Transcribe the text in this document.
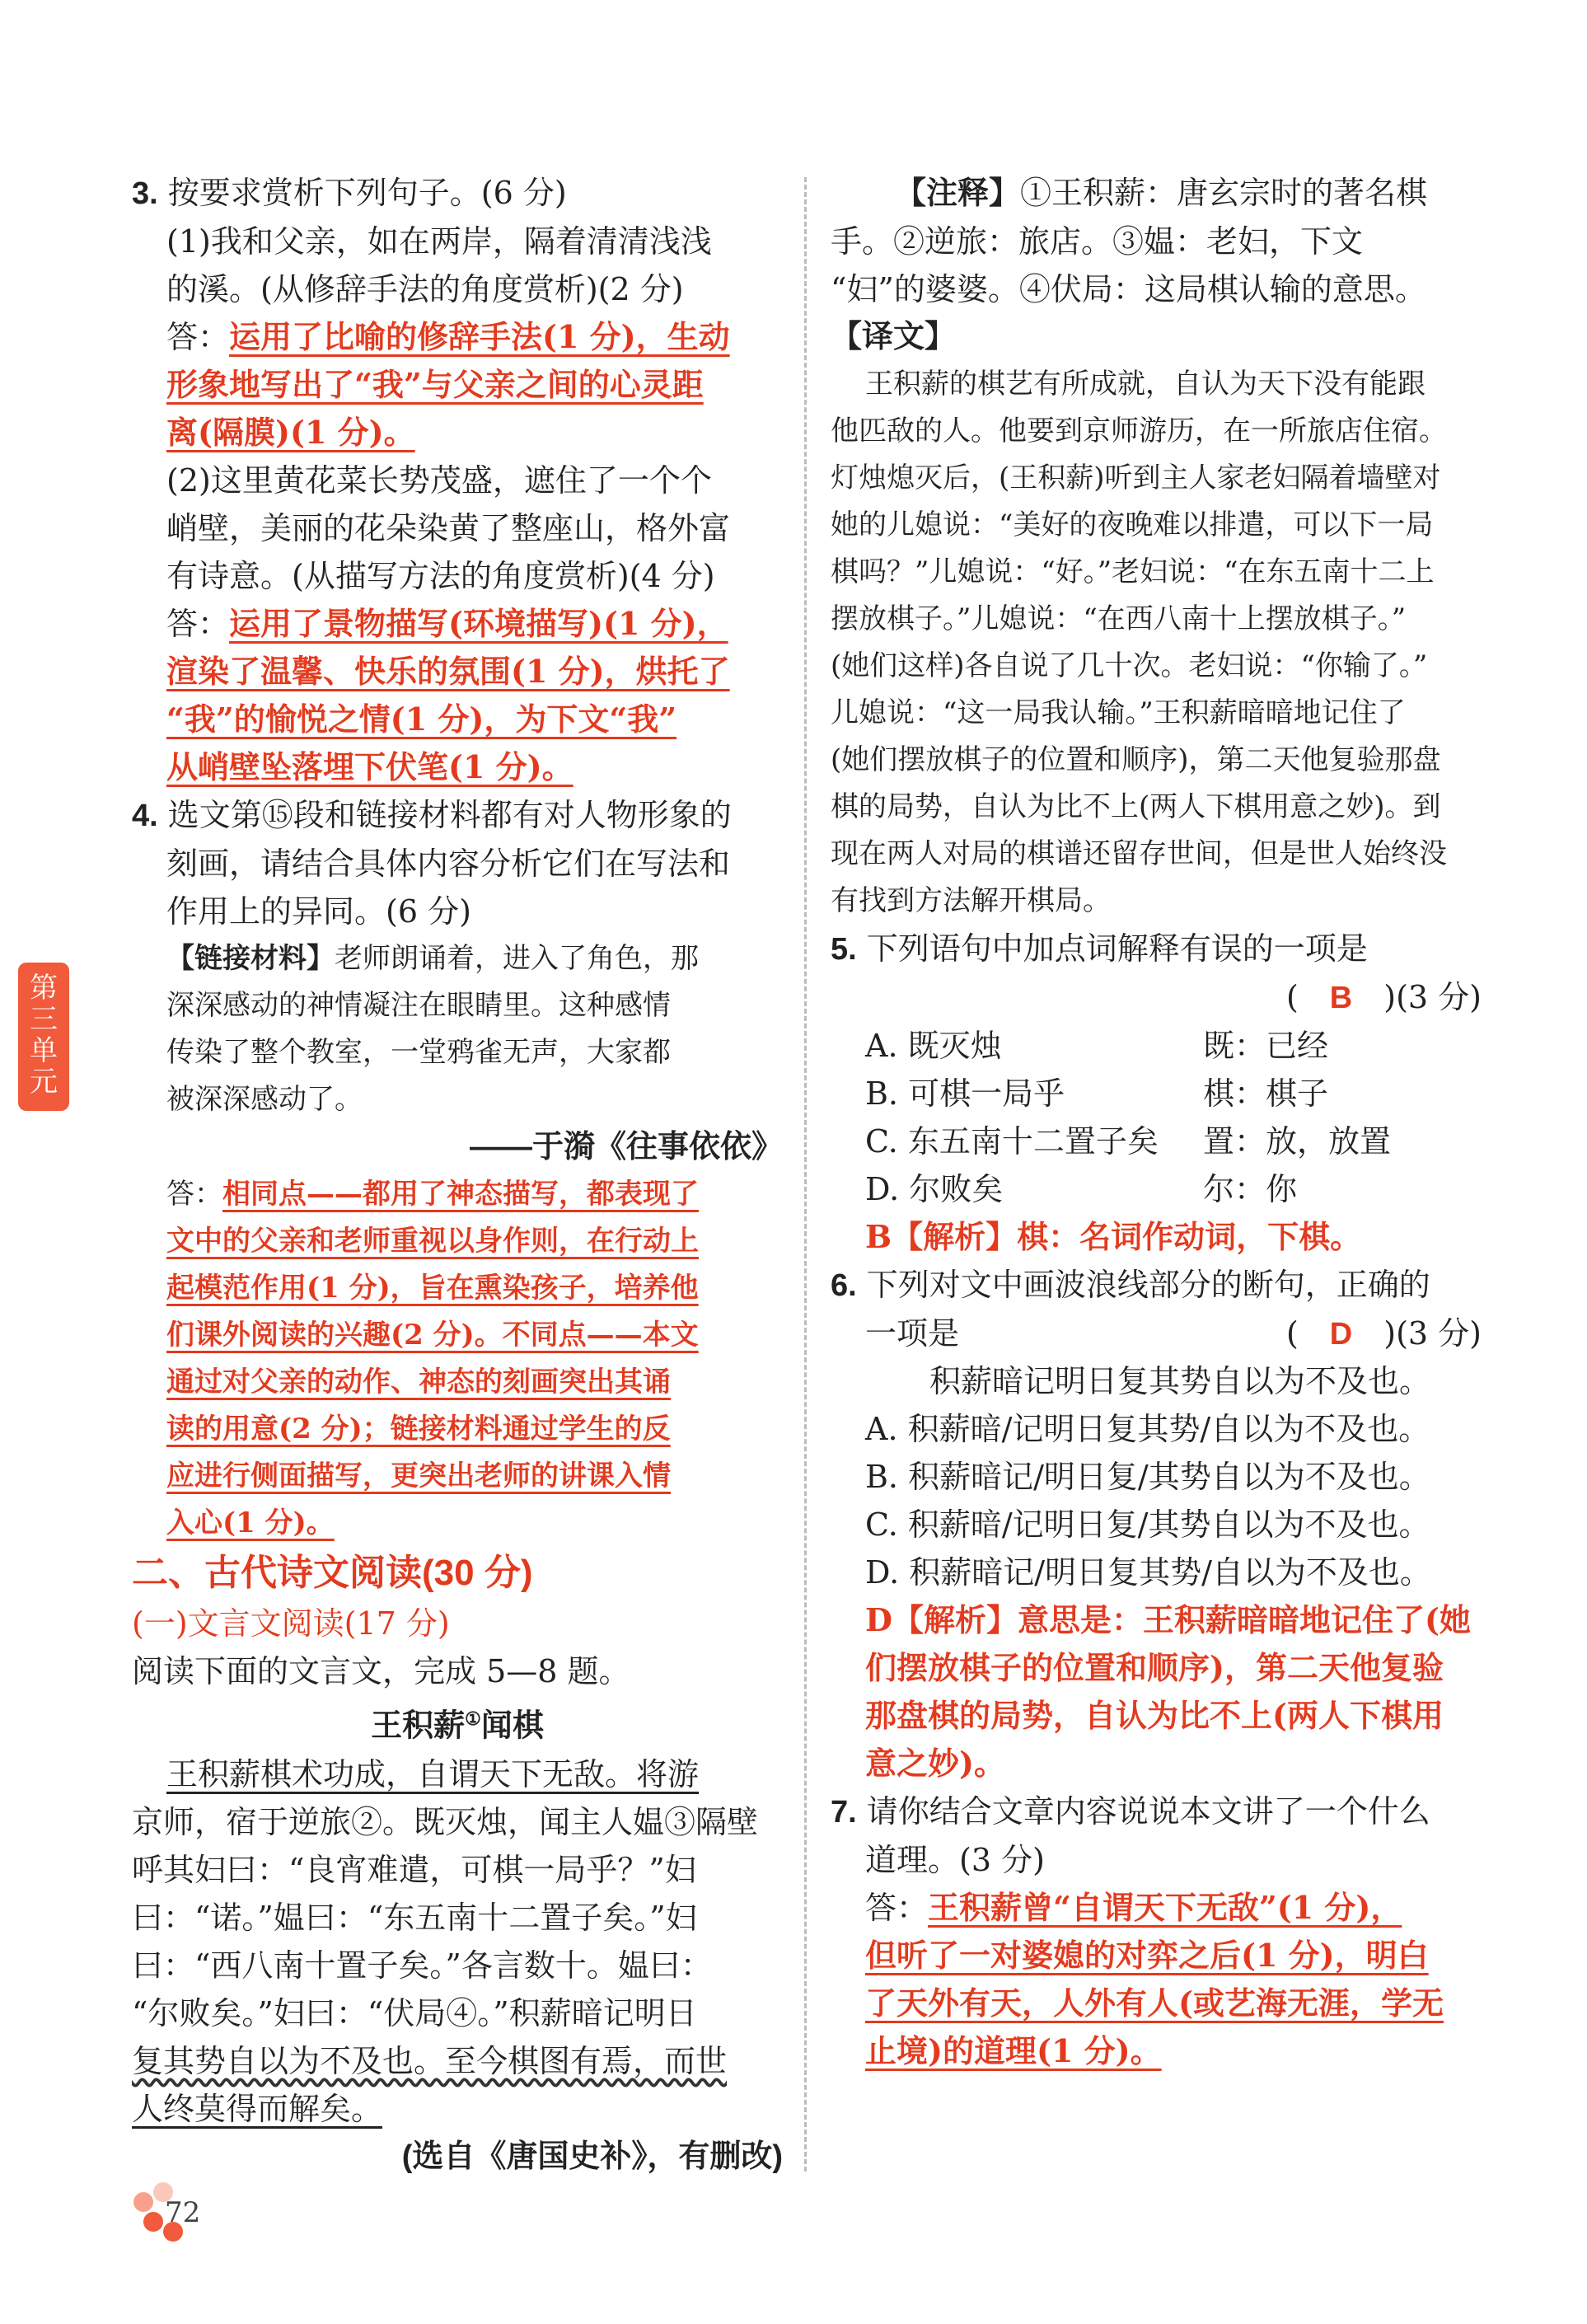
第三单元
72
3. 按要求赏析下列句子。(6 分)
(1)我和父亲，如在两岸，隔着清清浅浅
的溪。(从修辞手法的角度赏析)(2 分)
答：运用了比喻的修辞手法(1 分)，生动
形象地写出了“我”与父亲之间的心灵距
离(隔膜)(1 分)。
(2)这里黄花菜长势茂盛，遮住了一个个
峭壁，美丽的花朵染黄了整座山，格外富
有诗意。(从描写方法的角度赏析)(4 分)
答：运用了景物描写(环境描写)(1 分)，
渲染了温馨、快乐的氛围(1 分)，烘托了
“我”的愉悦之情(1 分)，为下文“我”
从峭壁坠落埋下伏笔(1 分)。
4. 选文第⑮段和链接材料都有对人物形象的
刻画，请结合具体内容分析它们在写法和
作用上的异同。(6 分)
【链接材料】老师朗诵着，进入了角色，那
深深感动的神情凝注在眼睛里。这种感情
传染了整个教室，一堂鸦雀无声，大家都
被深深感动了。
——于漪《往事依依》
答：相同点——都用了神态描写，都表现了
文中的父亲和老师重视以身作则，在行动上
起模范作用(1 分)，旨在熏染孩子，培养他
们课外阅读的兴趣(2 分)。不同点——本文
通过对父亲的动作、神态的刻画突出其诵
读的用意(2 分)；链接材料通过学生的反
应进行侧面描写，更突出老师的讲课入情
入心(1 分)。
二、古代诗文阅读(30 分)
(一)文言文阅读(17 分)
阅读下面的文言文，完成 5—8 题。
王积薪①闻棋
王积薪棋术功成，自谓天下无敌。将游
京师，宿于逆旅②。既灭烛，闻主人媪③隔壁
呼其妇曰：“良宵难遣，可棋一局乎？”妇
曰：“诺。”媪曰：“东五南十二置子矣。”妇
曰：“西八南十置子矣。”各言数十。媪曰：
“尔败矣。”妇曰：“伏局④。”积薪暗记明日
复其势自以为不及也。至今棋图有焉，而世
人终莫得而解矣。
(选自《唐国史补》，有删改)
【注释】①王积薪：唐玄宗时的著名棋
手。②逆旅：旅店。③媪：老妇，下文
“妇”的婆婆。④伏局：这局棋认输的意思。
【译文】
王积薪的棋艺有所成就，自认为天下没有能跟
他匹敌的人。他要到京师游历，在一所旅店住宿。
灯烛熄灭后，(王积薪)听到主人家老妇隔着墙壁对
她的儿媳说：“美好的夜晚难以排遣，可以下一局
棋吗？”儿媳说：“好。”老妇说：“在东五南十二上
摆放棋子。”儿媳说：“在西八南十上摆放棋子。”
(她们这样)各自说了几十次。老妇说：“你输了。”
儿媳说：“这一局我认输。”王积薪暗暗地记住了
(她们摆放棋子的位置和顺序)，第二天他复验那盘
棋的局势，自认为比不上(两人下棋用意之妙)。到
现在两人对局的棋谱还留存世间，但是世人始终没
有找到方法解开棋局。
5. 下列语句中加点词解释有误的一项是
(　B　)(3 分)
A. 既灭烛	既：已经
B. 可棋一局乎	棋：棋子
C. 东五南十二置子矣 置：放，放置
D. 尔败矣	尔：你
B【解析】棋：名词作动词，下棋。
6. 下列对文中画波浪线部分的断句，正确的
一项是	(　D　)(3 分)
积薪暗记明日复其势自以为不及也。
A. 积薪暗/记明日复其势/自以为不及也。
B. 积薪暗记/明日复/其势自以为不及也。
C. 积薪暗/记明日复/其势自以为不及也。
D. 积薪暗记/明日复其势/自以为不及也。
D【解析】意思是：王积薪暗暗地记住了(她
们摆放棋子的位置和顺序)，第二天他复验
那盘棋的局势，自认为比不上(两人下棋用
意之妙)。
7. 请你结合文章内容说说本文讲了一个什么
道理。(3 分)
答：王积薪曾“自谓天下无敌”(1 分)，
但听了一对婆媳的对弈之后(1 分)，明白
了天外有天，人外有人(或艺海无涯，学无
止境)的道理(1 分)。
